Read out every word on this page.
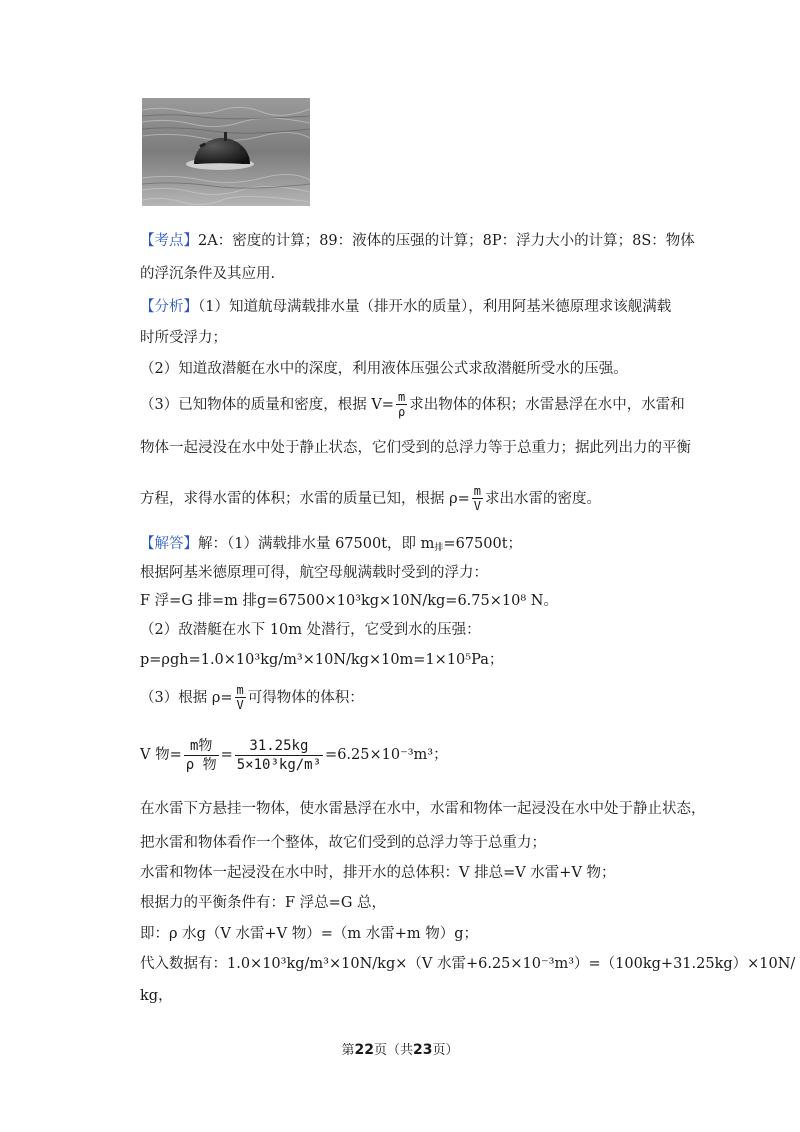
【考点】2A：密度的计算；89：液体的压强的计算；8P：浮力大小的计算；8S：物体
的浮沉条件及其应用.
【分析】（1）知道航母满载排水量（排开水的质量），利用阿基米德原理求该舰满载
时所受浮力；
（2）知道敌潜艇在水中的深度，利用液体压强公式求敌潜艇所受水的压强。
（3）已知物体的质量和密度，根据 $V= \frac{m}{\rho}$ 求出物体的体积；水雷悬浮在水中，水雷和
物体一起浸没在水中处于静止状态，它们受到的总浮力等于总重力；据此列出力的平衡
方程，求得水雷的体积；水雷的质量已知，根据 $\rho= \frac{m}{V}$ 求出水雷的密度。
【解答】解：（1）满载排水量 67500t，即 $m_排=67500t$；
根据阿基米德原理可得，航空母舰满载时受到的浮力：
F 浮=G 排=m 排g=67500×10³kg×10N/kg=6.75×10⁸ N。
（2）敌潜艇在水下 10m 处潜行，它受到水的压强：
p=ρgh=1.0×10³kg/m³×10N/kg×10m=1×10⁵Pa；
（3）根据 $\rho= \frac{m}{V}$ 可得物体的体积：
V 物= $\frac{\text{m物}}{\text{ρ 物}} = \frac{31.25kg}{\text{5×10³kg/m³}} =6.25\times 10^{-3}m^3$；
在水雷下方悬挂一物体，使水雷悬浮在水中，水雷和物体一起浸没在水中处于静止状态，
把水雷和物体看作一个整体，故它们受到的总浮力等于总重力；
水雷和物体一起浸没在水中时，排开水的总体积：V 排总=V 水雷+V 物；
根据力的平衡条件有：F 浮总=G 总，
即：ρ 水g（V 水雷+V 物）=（m 水雷+m 物）g；
代入数据有：1.0×10³kg/m³×10N/kg×（V 水雷+6.25×10⁻³m³）=（100kg+31.25kg）×10N/
kg，
第22页（共23页）
